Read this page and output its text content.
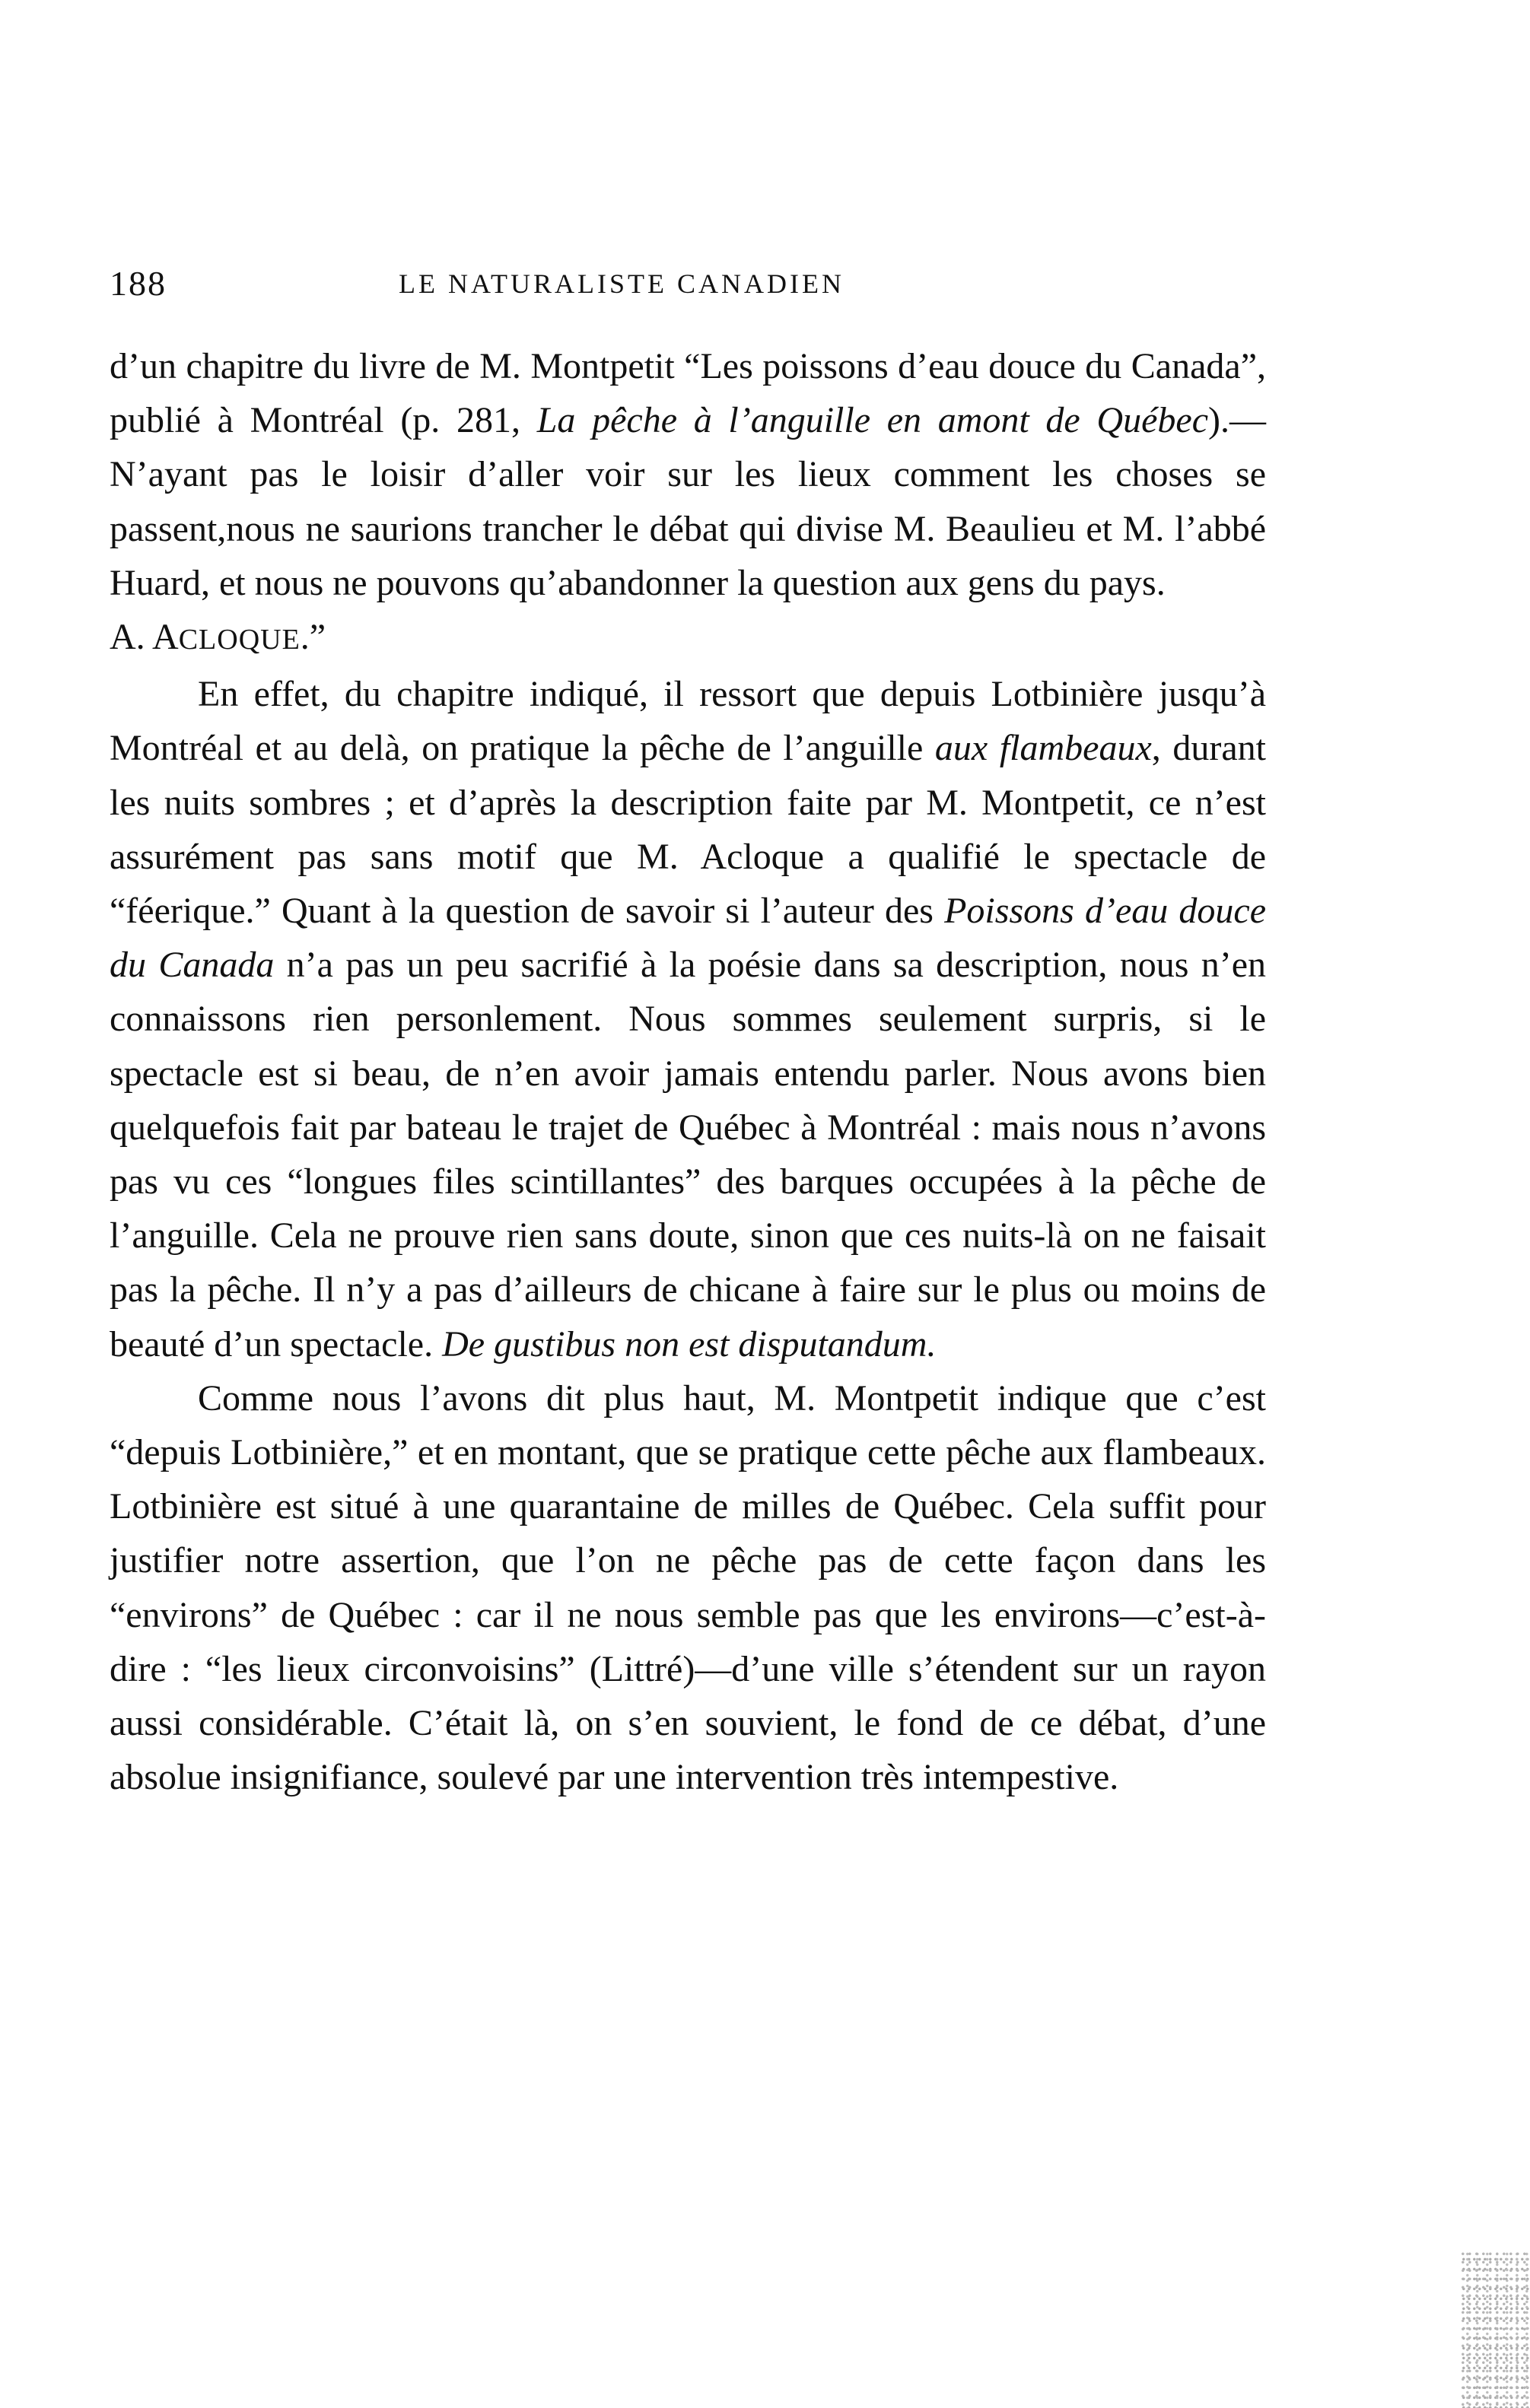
188	LE NATURALISTE CANADIEN

d’un chapitre du livre de M. Montpetit “Les poissons d’eau douce du Canada”, publié à Montréal (p. 281, La pêche à l’anguille en amont de Québec).—N’ayant pas le loisir d’aller voir sur les lieux comment les choses se passent,nous ne saurions trancher le débat qui divise M. Beaulieu et M. l’abbé Huard, et nous ne pouvons qu’abandonner la question aux gens du pays.

A. ACLOQUE.”

En effet, du chapitre indiqué, il ressort que depuis Lotbinière jusqu’à Montréal et au delà, on pratique la pêche de l’anguille aux flambeaux, durant les nuits sombres ; et d’après la description faite par M. Montpetit, ce n’est assurément pas sans motif que M. Acloque a qualifié le spectacle de “féerique.” Quant à la question de savoir si l’auteur des Poissons d’eau douce du Canada n’a pas un peu sacrifié à la poésie dans sa description, nous n’en connaissons rien personlement. Nous sommes seulement surpris, si le spectacle est si beau, de n’en avoir jamais entendu parler. Nous avons bien quelquefois fait par bateau le trajet de Québec à Montréal : mais nous n’avons pas vu ces “longues files scintillantes” des barques occupées à la pêche de l’anguille. Cela ne prouve rien sans doute, sinon que ces nuits-là on ne faisait pas la pêche. Il n’y a pas d’ailleurs de chicane à faire sur le plus ou moins de beauté d’un spectacle. De gustibus non est disputandum.

Comme nous l’avons dit plus haut, M. Montpetit indique que c’est “depuis Lotbinière,” et en montant, que se pratique cette pêche aux flambeaux. Lotbinière est situé à une quarantaine de milles de Québec. Cela suffit pour justifier notre assertion, que l’on ne pêche pas de cette façon dans les “environs” de Québec : car il ne nous semble pas que les environs—c’est-à-dire : “les lieux circonvoisins” (Littré)—d’une ville s’étendent sur un rayon aussi considérable. C’était là, on s’en souvient, le fond de ce débat, d’une absolue insignifiance, soulevé par une intervention très intempestive.
